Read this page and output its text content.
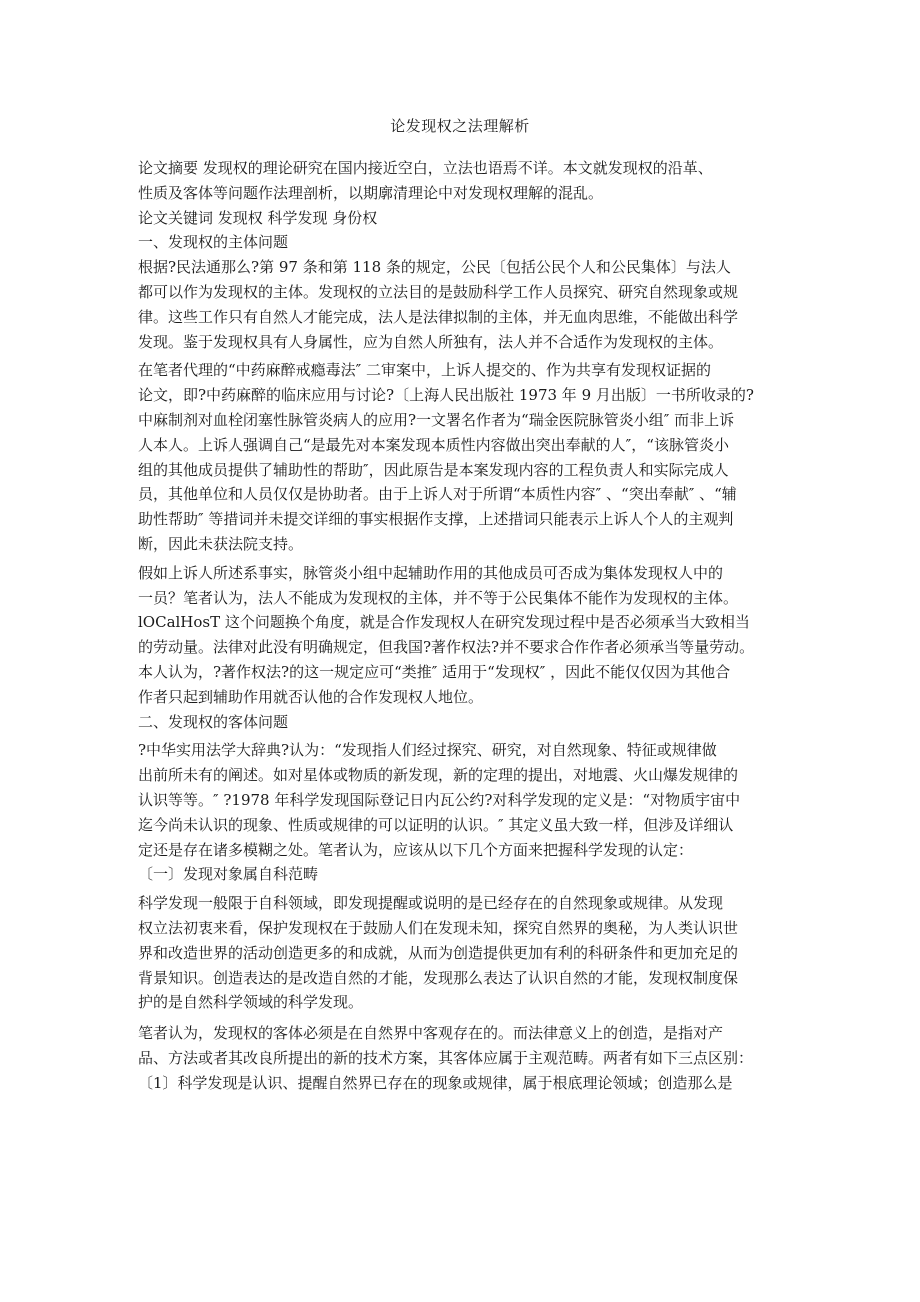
论发现权之法理解析
论文摘要 发现权的理论研究在国内接近空白，立法也语焉不详。本文就发现权的沿革、
性质及客体等问题作法理剖析，以期廓清理论中对发现权理解的混乱。
论文关键词 发现权 科学发现 身份权
一、发现权的主体问题
根据?民法通那么?第 97 条和第 118 条的规定，公民〔包括公民个人和公民集体〕与法人
都可以作为发现权的主体。发现权的立法目的是鼓励科学工作人员探究、研究自然现象或规
律。这些工作只有自然人才能完成，法人是法律拟制的主体，并无血肉思维，不能做出科学
发现。鉴于发现权具有人身属性，应为自然人所独有，法人并不合适作为发现权的主体。
在笔者代理的“中药麻醉戒瘾毒法″ 二审案中，上诉人提交的、作为共享有发现权证据的
论文，即?中药麻醉的临床应用与讨论?〔上海人民出版社 1973 年 9 月出版〕一书所收录的?
中麻制剂对血栓闭塞性脉管炎病人的应用?一文署名作者为“瑞金医院脉管炎小组″ 而非上诉
人本人。上诉人强调自己“是最先对本案发现本质性内容做出突出奉献的人″，“该脉管炎小
组的其他成员提供了辅助性的帮助″，因此原告是本案发现内容的工程负责人和实际完成人
员，其他单位和人员仅仅是协助者。由于上诉人对于所谓“本质性内容″ 、“突出奉献″ 、“辅
助性帮助″ 等措词并未提交详细的事实根据作支撑，上述措词只能表示上诉人个人的主观判
断，因此未获法院支持。
假如上诉人所述系事实，脉管炎小组中起辅助作用的其他成员可否成为集体发现权人中的
一员？笔者认为，法人不能成为发现权的主体，并不等于公民集体不能作为发现权的主体。
lOCalHosT 这个问题换个角度，就是合作发现权人在研究发现过程中是否必须承当大致相当
的劳动量。法律对此没有明确规定，但我国?著作权法?并不要求合作作者必须承当等量劳动。
本人认为，?著作权法?的这一规定应可“类推″ 适用于“发现权″ ，因此不能仅仅因为其他合
作者只起到辅助作用就否认他的合作发现权人地位。
二、发现权的客体问题
?中华实用法学大辞典?认为：“发现指人们经过探究、研究，对自然现象、特征或规律做
出前所未有的阐述。如对星体或物质的新发现，新的定理的提出，对地震、火山爆发规律的
认识等等。″ ?1978 年科学发现国际登记日内瓦公约?对科学发现的定义是：“对物质宇宙中
迄今尚未认识的现象、性质或规律的可以证明的认识。″ 其定义虽大致一样，但涉及详细认
定还是存在诸多模糊之处。笔者认为，应该从以下几个方面来把握科学发现的认定：
〔一〕发现对象属自科范畴
科学发现一般限于自科领域，即发现提醒或说明的是已经存在的自然现象或规律。从发现
权立法初衷来看，保护发现权在于鼓励人们在发现未知，探究自然界的奥秘，为人类认识世
界和改造世界的活动创造更多的和成就，从而为创造提供更加有利的科研条件和更加充足的
背景知识。创造表达的是改造自然的才能，发现那么表达了认识自然的才能，发现权制度保
护的是自然科学领域的科学发现。
笔者认为，发现权的客体必须是在自然界中客观存在的。而法律意义上的创造，是指对产
品、方法或者其改良所提出的新的技术方案，其客体应属于主观范畴。两者有如下三点区别：
〔1〕科学发现是认识、提醒自然界已存在的现象或规律，属于根底理论领域；创造那么是
